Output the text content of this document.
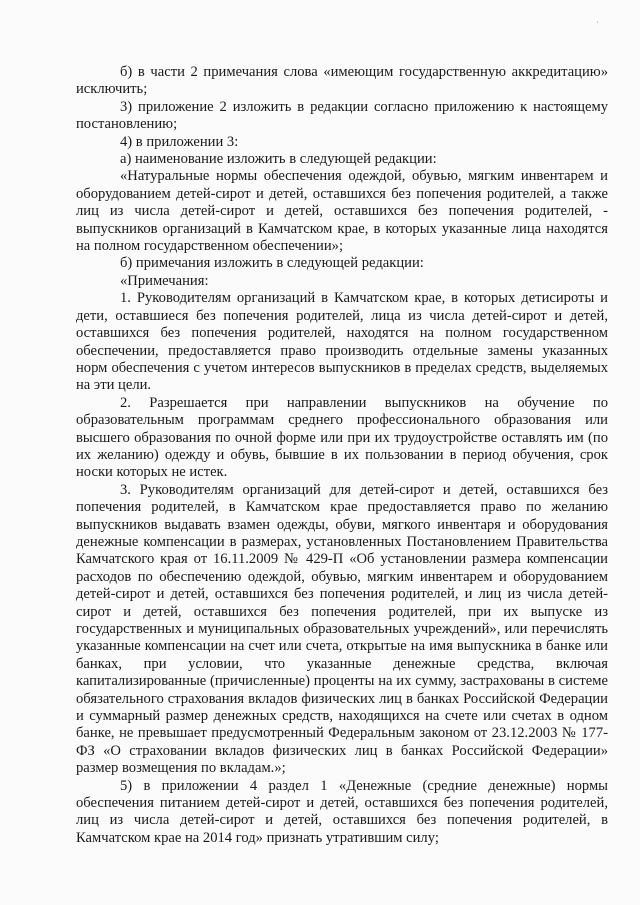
·

б) в части 2 примечания слова «имеющим государственную аккредитацию» исключить;

3) приложение 2 изложить в редакции согласно приложению к настоящему постановлению;

4) в приложении 3:

а) наименование изложить в следующей редакции:

«Натуральные нормы обеспечения одеждой, обувью, мягким инвентарем и оборудованием детей-сирот и детей, оставшихся без попечения родителей, а также лиц из числа детей-сирот и детей, оставшихся без попечения родителей, - выпускников организаций в Камчатском крае, в которых указанные лица находятся на полном государственном обеспечении»;

б) примечания изложить в следующей редакции:

«Примечания:

1. Руководителям организаций в Камчатском крае, в которых детисироты и дети, оставшиеся без попечения родителей, лица из числа детей-сирот и детей, оставшихся без попечения родителей, находятся на полном государственном обеспечении, предоставляется право производить отдельные замены указанных норм обеспечения с учетом интересов выпускников в пределах средств, выделяемых на эти цели.

2. Разрешается при направлении выпускников на обучение по образовательным программам среднего профессионального образования или высшего образования по очной форме или при их трудоустройстве оставлять им (по их желанию) одежду и обувь, бывшие в их пользовании в период обучения, срок носки которых не истек.

3. Руководителям организаций для детей-сирот и детей, оставшихся без попечения родителей, в Камчатском крае предоставляется право по желанию выпускников выдавать взамен одежды, обуви, мягкого инвентаря и оборудования денежные компенсации в размерах, установленных Постановлением Правительства Камчатского края от 16.11.2009 № 429-П «Об установлении размера компенсации расходов по обеспечению одеждой, обувью, мягким инвентарем и оборудованием детей-сирот и детей, оставшихся без попечения родителей, и лиц из числа детей-сирот и детей, оставшихся без попечения родителей, при их выпуске из государственных и муниципальных образовательных учреждений», или перечислять указанные компенсации на счет или счета, открытые на имя выпускника в банке или банках, при условии, что указанные денежные средства, включая капитализированные (причисленные) проценты на их сумму, застрахованы в системе обязательного страхования вкладов физических лиц в банках Российской Федерации и суммарный размер денежных средств, находящихся на счете или счетах в одном банке, не превышает предусмотренный Федеральным законом от 23.12.2003 № 177-ФЗ «О страховании вкладов физических лиц в банках Российской Федерации» размер возмещения по вкладам.»;

5) в приложении 4 раздел 1 «Денежные (средние денежные) нормы обеспечения питанием детей-сирот и детей, оставшихся без попечения родителей, лиц из числа детей-сирот и детей, оставшихся без попечения родителей, в Камчатском крае на 2014 год» признать утратившим силу;
